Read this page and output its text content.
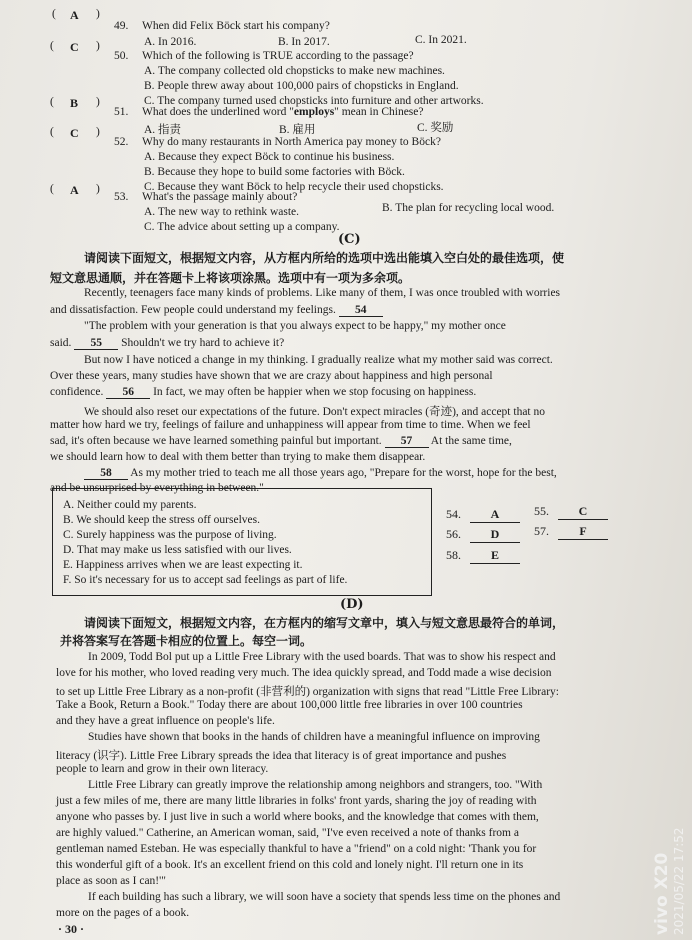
( A )
49. When did Felix Böck start his company?
A. In 2016.	B. In 2017.	C. In 2021.
( C )
50. Which of the following is TRUE according to the passage?
A. The company collected old chopsticks to make new machines.
B. People threw away about 100,000 pairs of chopsticks in England.
C. The company turned used chopsticks into furniture and other artworks.
( B )
51. What does the underlined word "employs" mean in Chinese?
A. 指责	B. 雇用	C. 奖励
( C )
52. Why do many restaurants in North America pay money to Böck?
A. Because they expect Böck to continue his business.
B. Because they hope to build some factories with Böck.
C. Because they want Böck to help recycle their used chopsticks.
( A )
53. What's the passage mainly about?
A. The new way to rethink waste.	B. The plan for recycling local wood.
C. The advice about setting up a company.
(C)
请阅读下面短文，根据短文内容，从方框内所给的选项中选出能填入空白处的最佳选项，使
短文意思通顺，并在答题卡上将该项涂黑。选项中有一项为多余项。
Recently, teenagers face many kinds of problems. Like many of them, I was once troubled with worries
and dissatisfaction. Few people could understand my feelings. 54
"The problem with your generation is that you always expect to be happy," my mother once
said. 55 Shouldn't we try hard to achieve it?
But now I have noticed a change in my thinking. I gradually realize what my mother said was correct.
Over these years, many studies have shown that we are crazy about happiness and high personal
confidence. 56 In fact, we may often be happier when we stop focusing on happiness.
We should also reset our expectations of the future. Don't expect miracles (奇迹), and accept that no
matter how hard we try, feelings of failure and unhappiness will appear from time to time. When we feel
sad, it's often because we have learned something painful but important. 57 At the same time,
we should learn how to deal with them better than trying to make them disappear.
58 As my mother tried to teach me all those years ago, "Prepare for the worst, hope for the best,
and be unsurprised by everything in between."
A. Neither could my parents.
B. We should keep the stress off ourselves.
C. Surely happiness was the purpose of living.
D. That may make us less satisfied with our lives.
E. Happiness arrives when we are least expecting it.
F. So it's necessary for us to accept sad feelings as part of life.
54. A	55. C
56. D	57.	F
58. E
(D)
请阅读下面短文，根据短文内容，在方框内的缩写文章中，填入与短文意思最符合的单词，
并将答案写在答题卡相应的位置上。每空一词。
In 2009, Todd Bol put up a Little Free Library with the used boards. That was to show his respect and
love for his mother, who loved reading very much. The idea quickly spread, and Todd made a wise decision
to set up Little Free Library as a non-profit (非营利的) organization with signs that read "Little Free Library:
Take a Book, Return a Book." Today there are about 100,000 little free libraries in over 100 countries
and they have a great influence on people's life.
Studies have shown that books in the hands of children have a meaningful influence on improving
literacy (识字). Little Free Library spreads the idea that literacy is of great importance and pushes
people to learn and grow in their own literacy.
Little Free Library can greatly improve the relationship among neighbors and strangers, too. "With
just a few miles of me, there are many little libraries in folks' front yards, sharing the joy of reading with
anyone who passes by. I just live in such a world where books, and the knowledge that comes with them,
are highly valued." Catherine, an American woman, said, "I've even received a note of thanks from a
gentleman named Esteban. He was especially thankful to have a "friend" on a cold night: 'Thank you for
this wonderful gift of a book. It's an excellent friend on this cold and lonely night. I'll return one in its
place as soon as I can!'"
If each building has such a library, we will soon have a society that spends less time on the phones and
more on the pages of a book.
· 30 ·	vivo X20 2021/05/22 17:52
